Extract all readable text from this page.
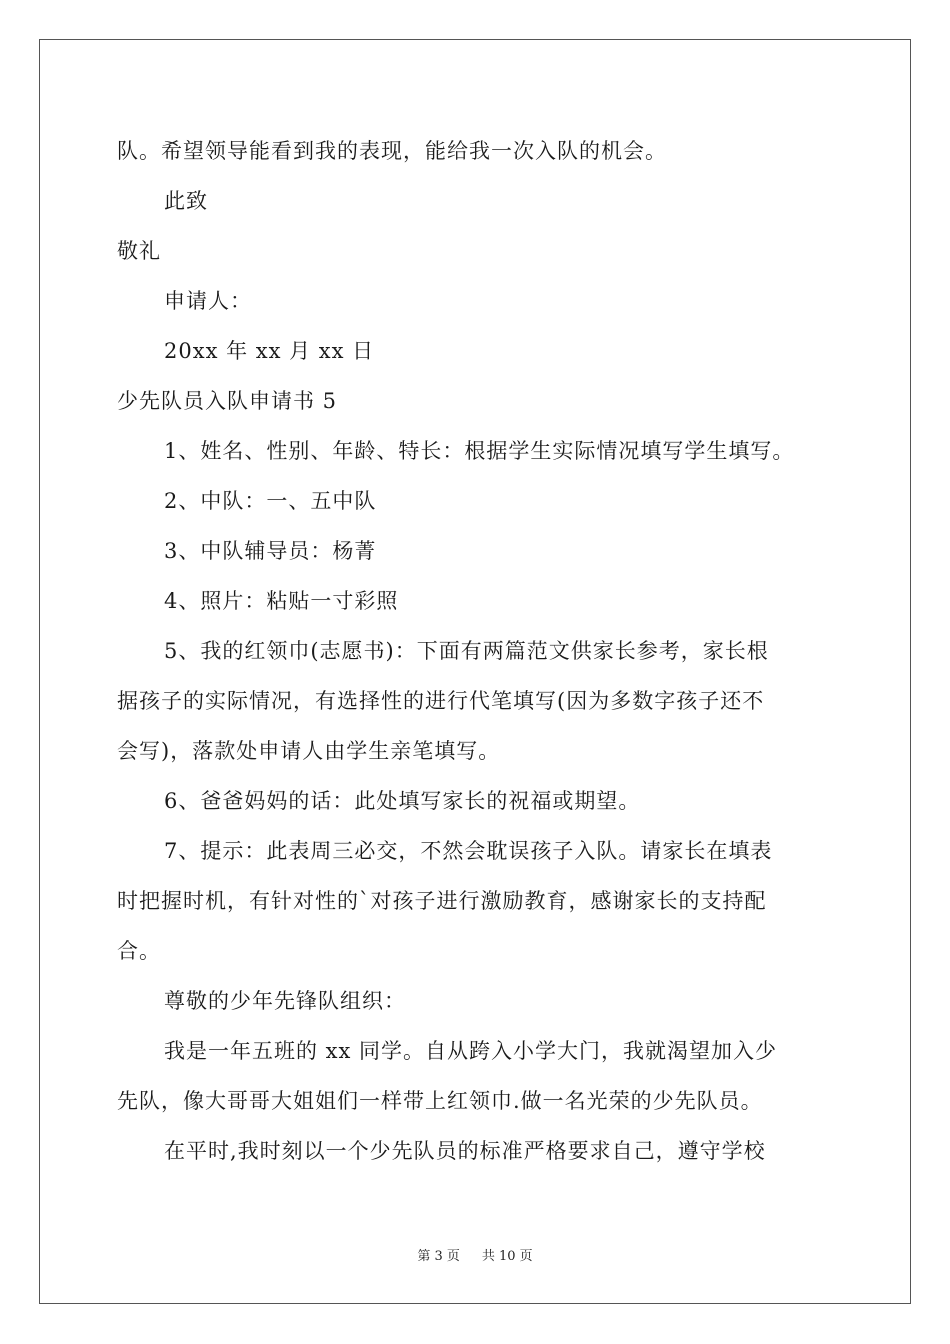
队。希望领导能看到我的表现，能给我一次入队的机会。
此致
敬礼
申请人：
20xx 年 xx 月 xx 日
少先队员入队申请书 5
1、姓名、性别、年龄、特长：根据学生实际情况填写学生填写。
2、中队：一、五中队
3、中队辅导员：杨菁
4、照片：粘贴一寸彩照
5、我的红领巾(志愿书)：下面有两篇范文供家长参考，家长根
据孩子的实际情况，有选择性的进行代笔填写(因为多数字孩子还不
会写)，落款处申请人由学生亲笔填写。
6、爸爸妈妈的话：此处填写家长的祝福或期望。
7、提示：此表周三必交，不然会耽误孩子入队。请家长在填表
时把握时机，有针对性的`对孩子进行激励教育，感谢家长的支持配
合。
尊敬的少年先锋队组织：
我是一年五班的 xx 同学。自从跨入小学大门，我就渴望加入少
先队，像大哥哥大姐姐们一样带上红领巾.做一名光荣的少先队员。
在平时,我时刻以一个少先队员的标准严格要求自己，遵守学校
第 3 页 共 10 页
